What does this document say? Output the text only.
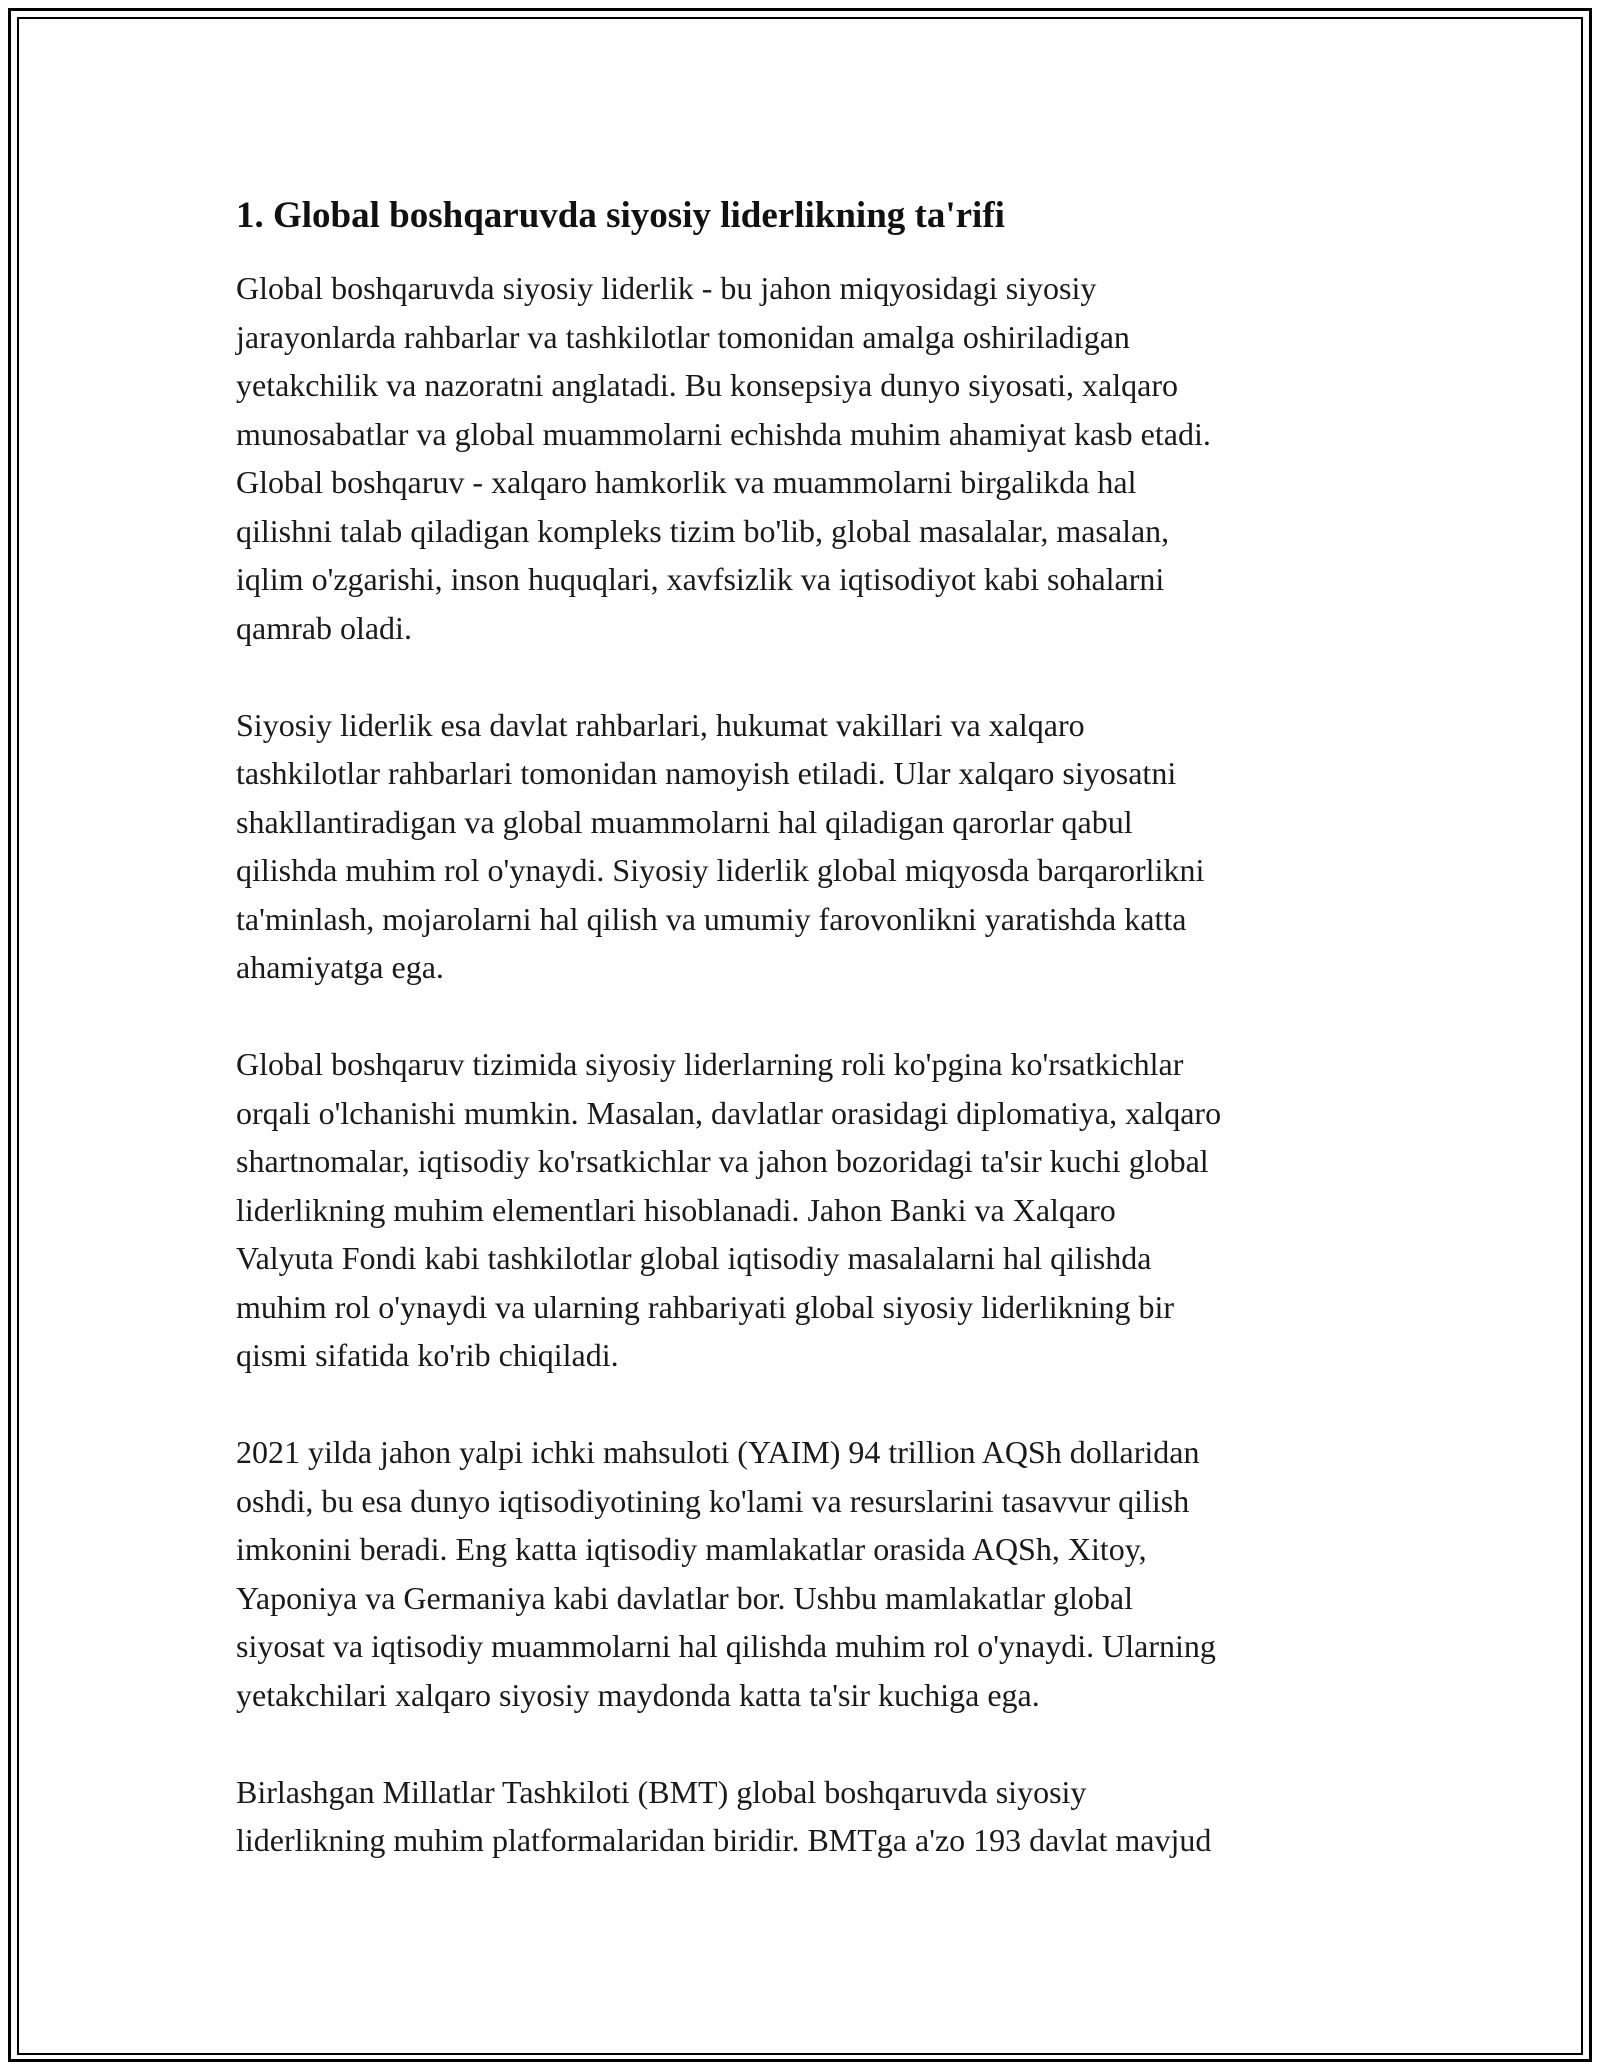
1. Global boshqaruvda siyosiy liderlikning ta'rifi

Global boshqaruvda siyosiy liderlik - bu jahon miqyosidagi siyosiy
jarayonlarda rahbarlar va tashkilotlar tomonidan amalga oshiriladigan
yetakchilik va nazoratni anglatadi. Bu konsepsiya dunyo siyosati, xalqaro
munosabatlar va global muammolarni echishda muhim ahamiyat kasb etadi.
Global boshqaruv - xalqaro hamkorlik va muammolarni birgalikda hal
qilishni talab qiladigan kompleks tizim bo'lib, global masalalar, masalan,
iqlim o'zgarishi, inson huquqlari, xavfsizlik va iqtisodiyot kabi sohalarni
qamrab oladi.

Siyosiy liderlik esa davlat rahbarlari, hukumat vakillari va xalqaro
tashkilotlar rahbarlari tomonidan namoyish etiladi. Ular xalqaro siyosatni
shakllantiradigan va global muammolarni hal qiladigan qarorlar qabul
qilishda muhim rol o'ynaydi. Siyosiy liderlik global miqyosda barqarorlikni
ta'minlash, mojarolarni hal qilish va umumiy farovonlikni yaratishda katta
ahamiyatga ega.

Global boshqaruv tizimida siyosiy liderlarning roli ko'pgina ko'rsatkichlar
orqali o'lchanishi mumkin. Masalan, davlatlar orasidagi diplomatiya, xalqaro
shartnomalar, iqtisodiy ko'rsatkichlar va jahon bozoridagi ta'sir kuchi global
liderlikning muhim elementlari hisoblanadi. Jahon Banki va Xalqaro
Valyuta Fondi kabi tashkilotlar global iqtisodiy masalalarni hal qilishda
muhim rol o'ynaydi va ularning rahbariyati global siyosiy liderlikning bir
qismi sifatida ko'rib chiqiladi.

2021 yilda jahon yalpi ichki mahsuloti (YAIM) 94 trillion AQSh dollaridan
oshdi, bu esa dunyo iqtisodiyotining ko'lami va resurslarini tasavvur qilish
imkonini beradi. Eng katta iqtisodiy mamlakatlar orasida AQSh, Xitoy,
Yaponiya va Germaniya kabi davlatlar bor. Ushbu mamlakatlar global
siyosat va iqtisodiy muammolarni hal qilishda muhim rol o'ynaydi. Ularning
yetakchilari xalqaro siyosiy maydonda katta ta'sir kuchiga ega.

Birlashgan Millatlar Tashkiloti (BMT) global boshqaruvda siyosiy
liderlikning muhim platformalaridan biridir. BMTga a'zo 193 davlat mavjud
